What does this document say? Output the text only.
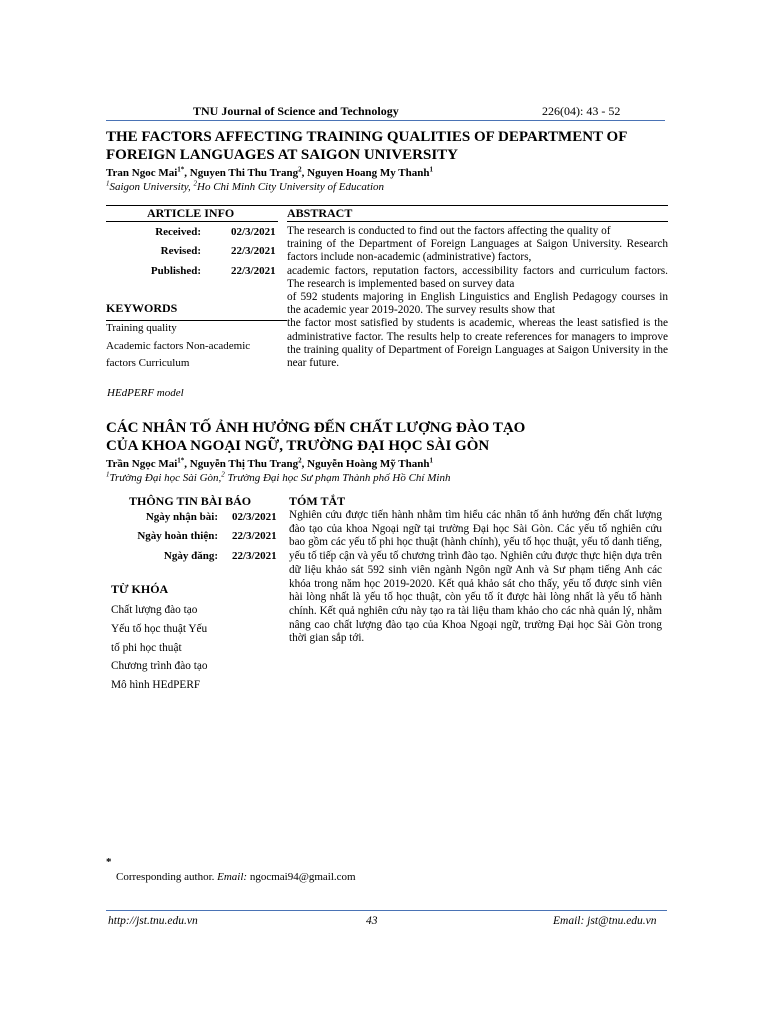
TNU Journal of Science and Technology	226(04): 43 - 52
THE FACTORS AFFECTING TRAINING QUALITIES OF DEPARTMENT OF
FOREIGN LANGUAGES AT SAIGON UNIVERSITY
Tran Ngoc Mai$^{1*}$, Nguyen Thi Thu Trang$^2$, Nguyen Hoang My Thanh$^1$
$^1$Saigon University, $^2$Ho Chi Minh City University of Education
ARTICLE INFO	ABSTRACT
Received:	02/3/2021
Revised:	22/3/2021
Published:	22/3/2021
KEYWORDS
Training quality
Academic factors Non-academic
factors Curriculum
HEdPERF model

The research is conducted to find out the factors affecting the quality of

training of the Department of Foreign Languages at Saigon University. Research factors include non-academic (administrative) factors,

academic factors, reputation factors, accessibility factors and curriculum factors. The research is implemented based on survey data

of 592 students majoring in English Linguistics and English Pedagogy courses in the academic year 2019-2020. The survey results show that

the factor most satisfied by students is academic, whereas the least satisfied is the administrative factor. The results help to create references for managers to improve the training quality of Department of Foreign Languages at Saigon University in the near future.

CÁC NHÂN TỐ ẢNH HƯỞNG ĐẾN CHẤT LƯỢNG ĐÀO TẠO
CỦA KHOA NGOẠI NGỮ, TRƯỜNG ĐẠI HỌC SÀI GÒN
Trần Ngọc Mai$^{1*}$, Nguyễn Thị Thu Trang$^2$, Nguyễn Hoàng Mỹ Thanh$^1$
$^1$Trường Đại học Sài Gòn,$^2$ Trường Đại học Sư phạm Thành phố Hồ Chí Minh
THÔNG TIN BÀI BÁO	TÓM TẮT
Ngày nhận bài: 02/3/2021
Ngày hoàn thiện: 22/3/2021
Ngày đăng: 22/3/2021
TỪ KHÓA
Chất lượng đào tạo
Yếu tố học thuật Yếu
tố phi học thuật
Chương trình đào tạo
Mô hình HEdPERF
Nghiên cứu được tiến hành nhằm tìm hiểu các nhân tố ảnh hưởng đến chất lượng đào tạo của khoa Ngoại ngữ tại trường Đại học Sài Gòn. Các yếu tố nghiên cứu bao gồm các yếu tố phi học thuật (hành chính), yếu tố học thuật, yếu tố danh tiếng, yếu tố tiếp cận và yếu tố chương trình đào tạo. Nghiên cứu được thực hiện dựa trên dữ liệu khảo sát 592 sinh viên ngành Ngôn ngữ Anh và Sư phạm tiếng Anh các khóa trong năm học 2019-2020. Kết quả khảo sát cho thấy, yếu tố được sinh viên hài lòng nhất là yếu tố học thuật, còn yếu tố ít được hài lòng nhất là yếu tố hành chính. Kết quả nghiên cứu này tạo ra tài liệu tham khảo cho các nhà quản lý, nhằm nâng cao chất lượng đào tạo của Khoa Ngoại ngữ, trường Đại học Sài Gòn trong thời gian sắp tới.
*
Corresponding author. Email: ngocmai94@gmail.com
http://jst.tnu.edu.vn	43	Email: jst@tnu.edu.vn
